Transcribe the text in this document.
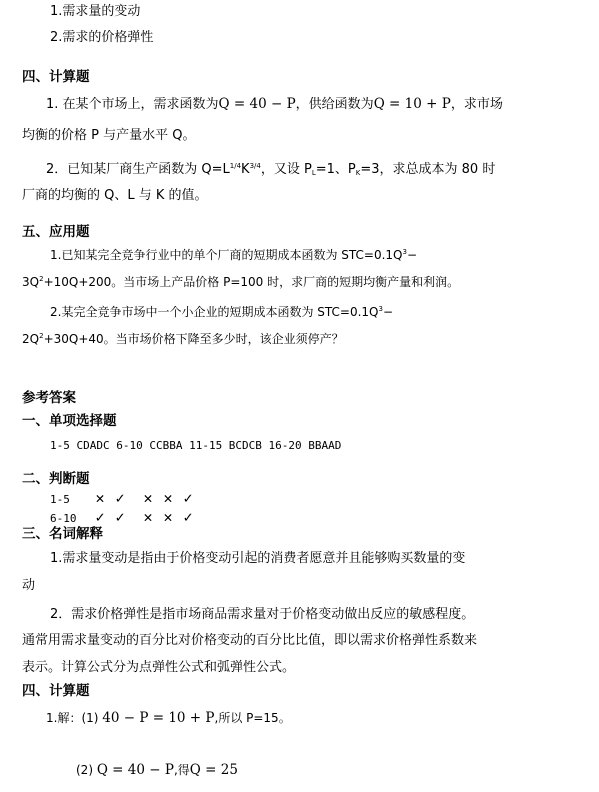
1.需求量的变动
2.需求的价格弹性
四、计算题
1. 在某个市场上，需求函数为Q = 40 − P，供给函数为Q = 10 + P，求市场
均衡的价格 P 与产量水平 Q。
2．已知某厂商生产函数为 $Q=L^{1/4}K^{3/4}$，又设 $P_L=1$、$P_K=3$，求总成本为 80 时
厂商的均衡的 Q、L 与 K 的值。
五、应用题
1.已知某完全竞争行业中的单个厂商的短期成本函数为 $STC=0.1Q^3-$
$3Q^2+10Q+200$。当市场上产品价格 P=100 时，求厂商的短期均衡产量和利润。
2.某完全竞争市场中一个小企业的短期成本函数为 $STC=0.1Q^3-$
$2Q^2+30Q+40$。当市场价格下降至多少时，该企业须停产？
参考答案
一、单项选择题
1-5 CDADC 6-10 CCBBA 11-15 BCDCB 16-20 BBAAD
二、判断题
1-5 ✕ ✓ ✕ ✕ ✓
6-10 ✓ ✓ ✕ ✕ ✓
三、名词解释
1.需求量变动是指由于价格变动引起的消费者愿意并且能够购买数量的变
动
2．需求价格弹性是指市场商品需求量对于价格变动做出反应的敏感程度。
通常用需求量变动的百分比对价格变动的百分比比值，即以需求价格弹性系数来
表示。计算公式分为点弹性公式和弧弹性公式。
四、计算题
1.解：(1) 40 − P = 10 + P,所以 P=15。
(2) Q = 40 − P,得Q = 25
